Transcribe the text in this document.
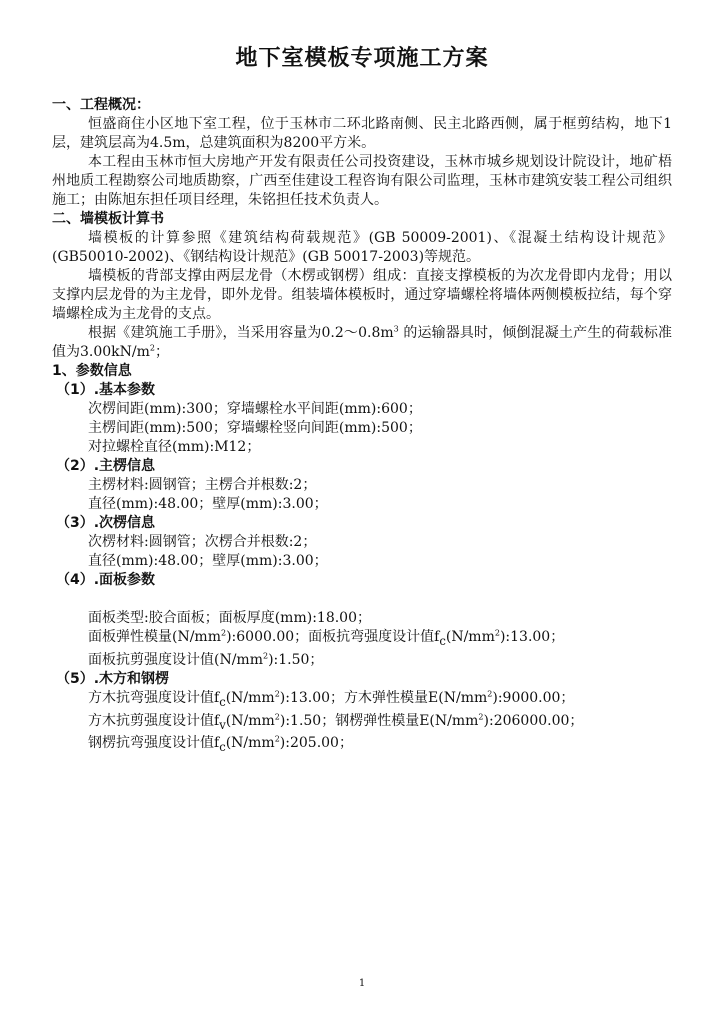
地下室模板专项施工方案
一、工程概况：
恒盛商住小区地下室工程，位于玉林市二环北路南侧、民主北路西侧，属于框剪结构，地下1层，建筑层高为4.5m，总建筑面积为8200平方米。
本工程由玉林市恒大房地产开发有限责任公司投资建设，玉林市城乡规划设计院设计，地矿梧州地质工程勘察公司地质勘察，广西至佳建设工程咨询有限公司监理，玉林市建筑安装工程公司组织施工；由陈旭东担任项目经理，朱铭担任技术负责人。
二、墙模板计算书
墙模板的计算参照《建筑结构荷载规范》(GB 50009-2001)、《混凝土结构设计规范》(GB50010-2002)、《钢结构设计规范》(GB 50017-2003)等规范。
墙模板的背部支撑由两层龙骨（木楞或钢楞）组成：直接支撑模板的为次龙骨即内龙骨；用以支撑内层龙骨的为主龙骨，即外龙骨。组装墙体模板时，通过穿墙螺栓将墙体两侧模板拉结，每个穿墙螺栓成为主龙骨的支点。
根据《建筑施工手册》，当采用容量为$0.2\sim 0.8m^3$ 的运输器具时，倾倒混凝土产生的荷载标准值为$3.00kN/m^2$；
1、参数信息
（1）.基本参数
次楞间距(mm):300；穿墙螺栓水平间距(mm):600；
主楞间距(mm):500；穿墙螺栓竖向间距(mm):500；
对拉螺栓直径(mm):M12；
（2）.主楞信息
主楞材料:圆钢管；主楞合并根数:2；
直径(mm):48.00；壁厚(mm):3.00；
（3）.次楞信息
次楞材料:圆钢管；次楞合并根数:2；
直径(mm):48.00；壁厚(mm):3.00；
（4）.面板参数
面板类型:胶合面板；面板厚度(mm):18.00；
面板弹性模量$(N/mm^2):6000.00$；面板抗弯强度设计值$f_c(N/mm^2):13.00$；
面板抗剪强度设计值$(N/mm^2):1.50$；
（5）.木方和钢楞
方木抗弯强度设计值$f_c(N/mm^2):13.00$；方木弹性模量$E(N/mm^2):9000.00$；
方木抗剪强度设计值$f_v(N/mm^2):1.50$；钢楞弹性模量$E(N/mm^2):206000.00$；
钢楞抗弯强度设计值$f_c(N/mm^2):205.00$；
1
